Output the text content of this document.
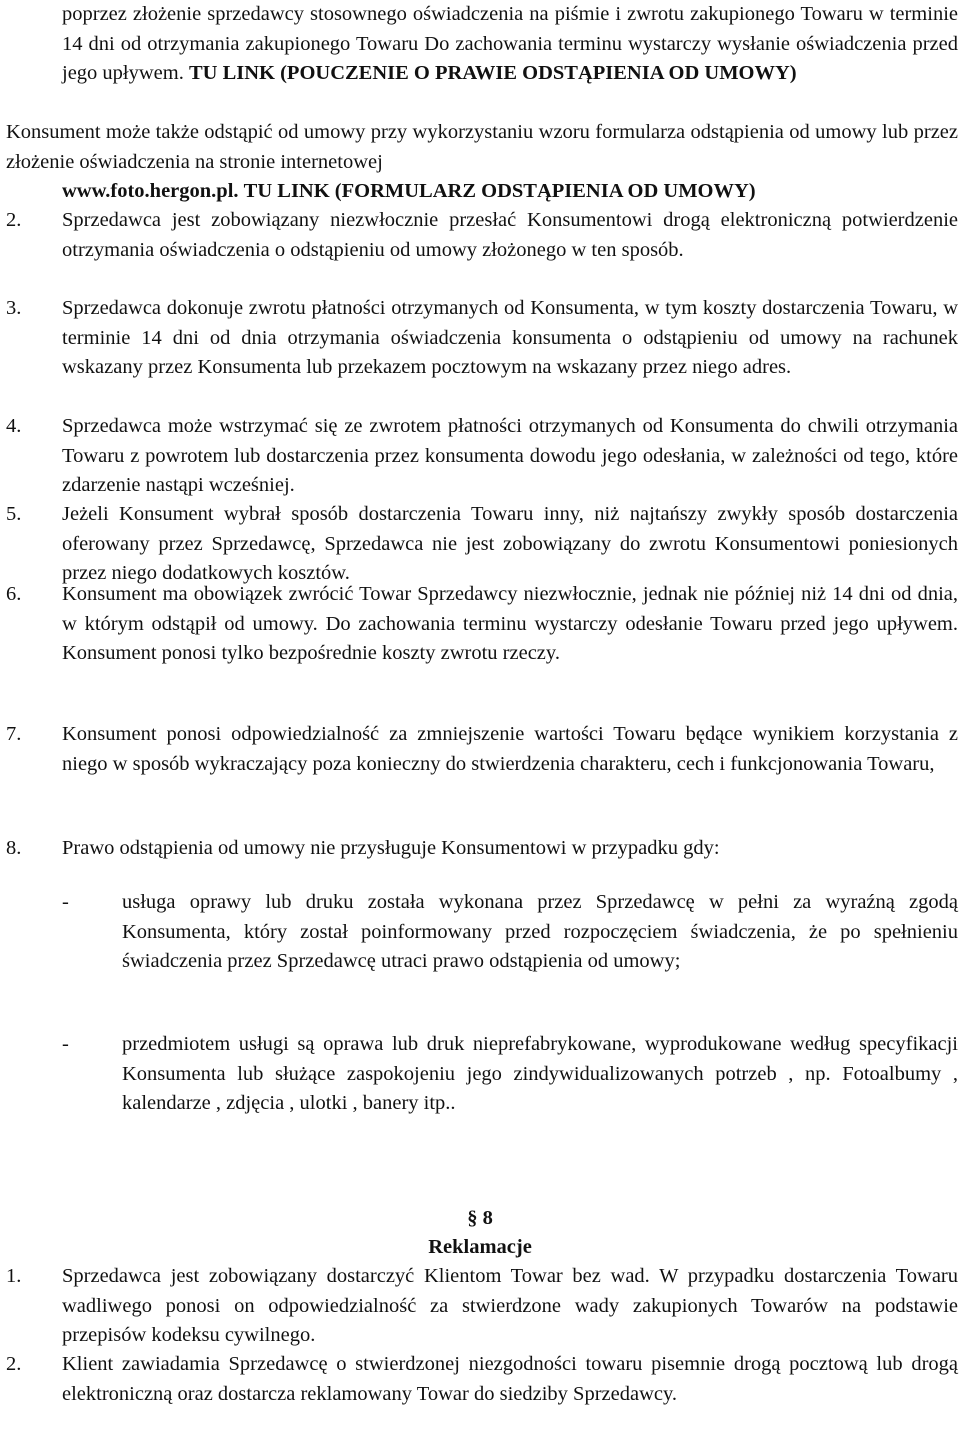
poprzez złożenie sprzedawcy stosownego oświadczenia na piśmie i zwrotu zakupionego Towaru w terminie 14 dni od otrzymania zakupionego Towaru Do zachowania terminu wystarczy wysłanie oświadczenia przed jego upływem. TU LINK (POUCZENIE O PRAWIE ODSTĄPIENIA OD UMOWY)
Konsument może także odstąpić od umowy przy wykorzystaniu wzoru formularza odstąpienia od umowy lub przez złożenie oświadczenia na stronie internetowej
www.foto.hergon.pl. TU LINK (FORMULARZ ODSTĄPIENIA OD UMOWY)
2. Sprzedawca jest zobowiązany niezwłocznie przesłać Konsumentowi drogą elektroniczną potwierdzenie otrzymania oświadczenia o odstąpieniu od umowy złożonego w ten sposób.
3. Sprzedawca dokonuje zwrotu płatności otrzymanych od Konsumenta, w tym koszty dostarczenia Towaru, w terminie 14 dni od dnia otrzymania oświadczenia konsumenta o odstąpieniu od umowy na rachunek wskazany przez Konsumenta lub przekazem pocztowym na wskazany przez niego adres.
4. Sprzedawca może wstrzymać się ze zwrotem płatności otrzymanych od Konsumenta do chwili otrzymania Towaru z powrotem lub dostarczenia przez konsumenta dowodu jego odesłania, w zależności od tego, które zdarzenie nastąpi wcześniej.
5. Jeżeli Konsument wybrał sposób dostarczenia Towaru inny, niż najtańszy zwykły sposób dostarczenia oferowany przez Sprzedawcę, Sprzedawca nie jest zobowiązany do zwrotu Konsumentowi poniesionych przez niego dodatkowych kosztów.
6. Konsument ma obowiązek zwrócić Towar Sprzedawcy niezwłocznie, jednak nie później niż 14 dni od dnia, w którym odstąpił od umowy. Do zachowania terminu wystarczy odesłanie Towaru przed jego upływem. Konsument ponosi tylko bezpośrednie koszty zwrotu rzeczy.
7. Konsument ponosi odpowiedzialność za zmniejszenie wartości Towaru będące wynikiem korzystania z niego w sposób wykraczający poza konieczny do stwierdzenia charakteru, cech i funkcjonowania Towaru,
8. Prawo odstąpienia od umowy nie przysługuje Konsumentowi w przypadku gdy:
-	usługa oprawy lub druku została wykonana przez Sprzedawcę w pełni za wyraźną zgodą Konsumenta, który został poinformowany przed rozpoczęciem świadczenia, że po spełnieniu świadczenia przez Sprzedawcę utraci prawo odstąpienia od umowy;
-	przedmiotem usługi są oprawa lub druk nieprefabrykowane, wyprodukowane według specyfikacji Konsumenta lub służące zaspokojeniu jego zindywidualizowanych potrzeb , np. Fotoalbumy , kalendarze , zdjęcia , ulotki , banery itp..
§ 8
Reklamacje
1. Sprzedawca jest zobowiązany dostarczyć Klientom Towar bez wad. W przypadku dostarczenia Towaru wadliwego ponosi on odpowiedzialność za stwierdzone wady zakupionych Towarów na podstawie przepisów kodeksu cywilnego.
2. Klient zawiadamia Sprzedawcę o stwierdzonej niezgodności towaru pisemnie drogą pocztową lub drogą elektroniczną oraz dostarcza reklamowany Towar do siedziby Sprzedawcy.
